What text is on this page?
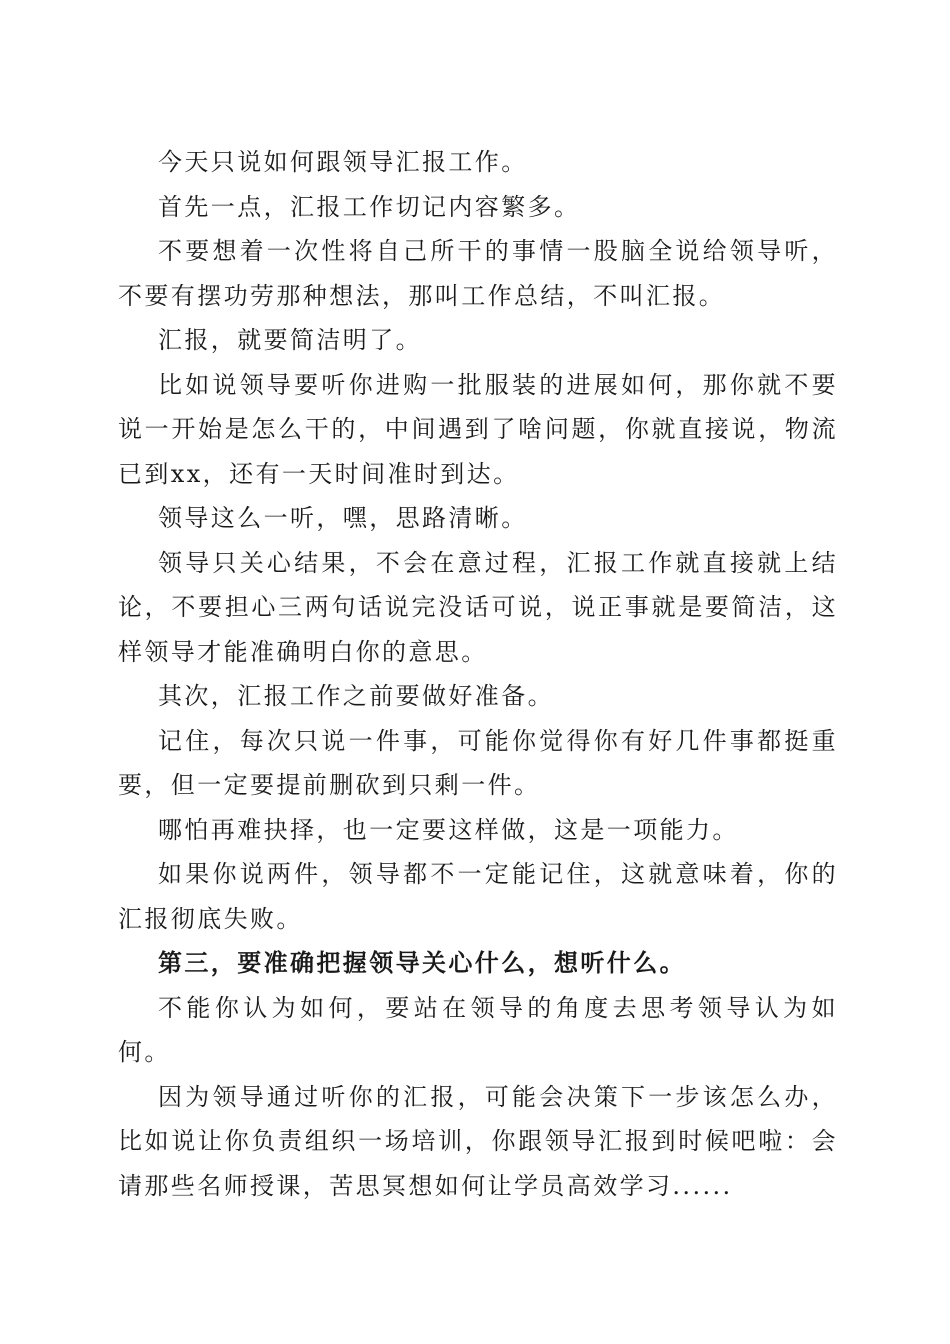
今天只说如何跟领导汇报工作。

首先一点，汇报工作切记内容繁多。

不要想着一次性将自己所干的事情一股脑全说给领导听，不要有摆功劳那种想法，那叫工作总结，不叫汇报。

汇报，就要简洁明了。

比如说领导要听你进购一批服装的进展如何，那你就不要说一开始是怎么干的，中间遇到了啥问题，你就直接说，物流已到xx，还有一天时间准时到达。

领导这么一听，嘿，思路清晰。

领导只关心结果，不会在意过程，汇报工作就直接就上结论，不要担心三两句话说完没话可说，说正事就是要简洁，这样领导才能准确明白你的意思。

其次，汇报工作之前要做好准备。

记住，每次只说一件事，可能你觉得你有好几件事都挺重要，但一定要提前删砍到只剩一件。

哪怕再难抉择，也一定要这样做，这是一项能力。

如果你说两件，领导都不一定能记住，这就意味着，你的汇报彻底失败。

第三，要准确把握领导关心什么，想听什么。

不能你认为如何，要站在领导的角度去思考领导认为如何。

因为领导通过听你的汇报，可能会决策下一步该怎么办，比如说让你负责组织一场培训，你跟领导汇报到时候吧啦：会请那些名师授课，苦思冥想如何让学员高效学习......
